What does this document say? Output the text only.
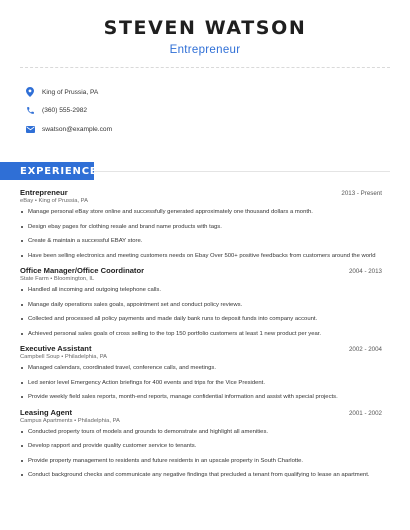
STEVEN WATSON
Entrepreneur
King of Prussia, PA
(360) 555-2982
swatson@example.com
EXPERIENCE
Entrepreneur	2013 - Present
eBay • King of Prussia, PA
Manage personal eBay store online and successfully generated approximately one thousand dollars a month.
Design ebay pages for clothing resale and brand name products with tags.
Create & maintain a successful EBAY store.
Have been selling electronics and meeting customers needs on Ebay Over 500+ positive feedbacks from customers around the world
Office Manager/Office Coordinator	2004 - 2013
State Farm • Bloomington, IL
Handled all incoming and outgoing telephone calls.
Manage daily operations sales goals, appointment set and conduct policy reviews.
Collected and processed all policy payments and made daily bank runs to deposit funds into company account.
Achieved personal sales goals of cross selling to the top 150 portfolio customers at least 1 new product per year.
Executive Assistant	2002 - 2004
Campbell Soup • Philadelphia, PA
Managed calendars, coordinated travel, conference calls, and meetings.
Led senior level Emergency Action briefings for 400 events and trips for the Vice President.
Provide weekly field sales reports, month-end reports, manage confidential information and assist with special projects.
Leasing Agent	2001 - 2002
Campus Apartments • Philadelphia, PA
Conducted property tours of models and grounds to demonstrate and highlight all amenities.
Develop rapport and provide quality customer service to tenants.
Provide property management to residents and future residents in an upscale property in South Charlotte.
Conduct background checks and communicate any negative findings that precluded a tenant from qualifying to lease an apartment.
